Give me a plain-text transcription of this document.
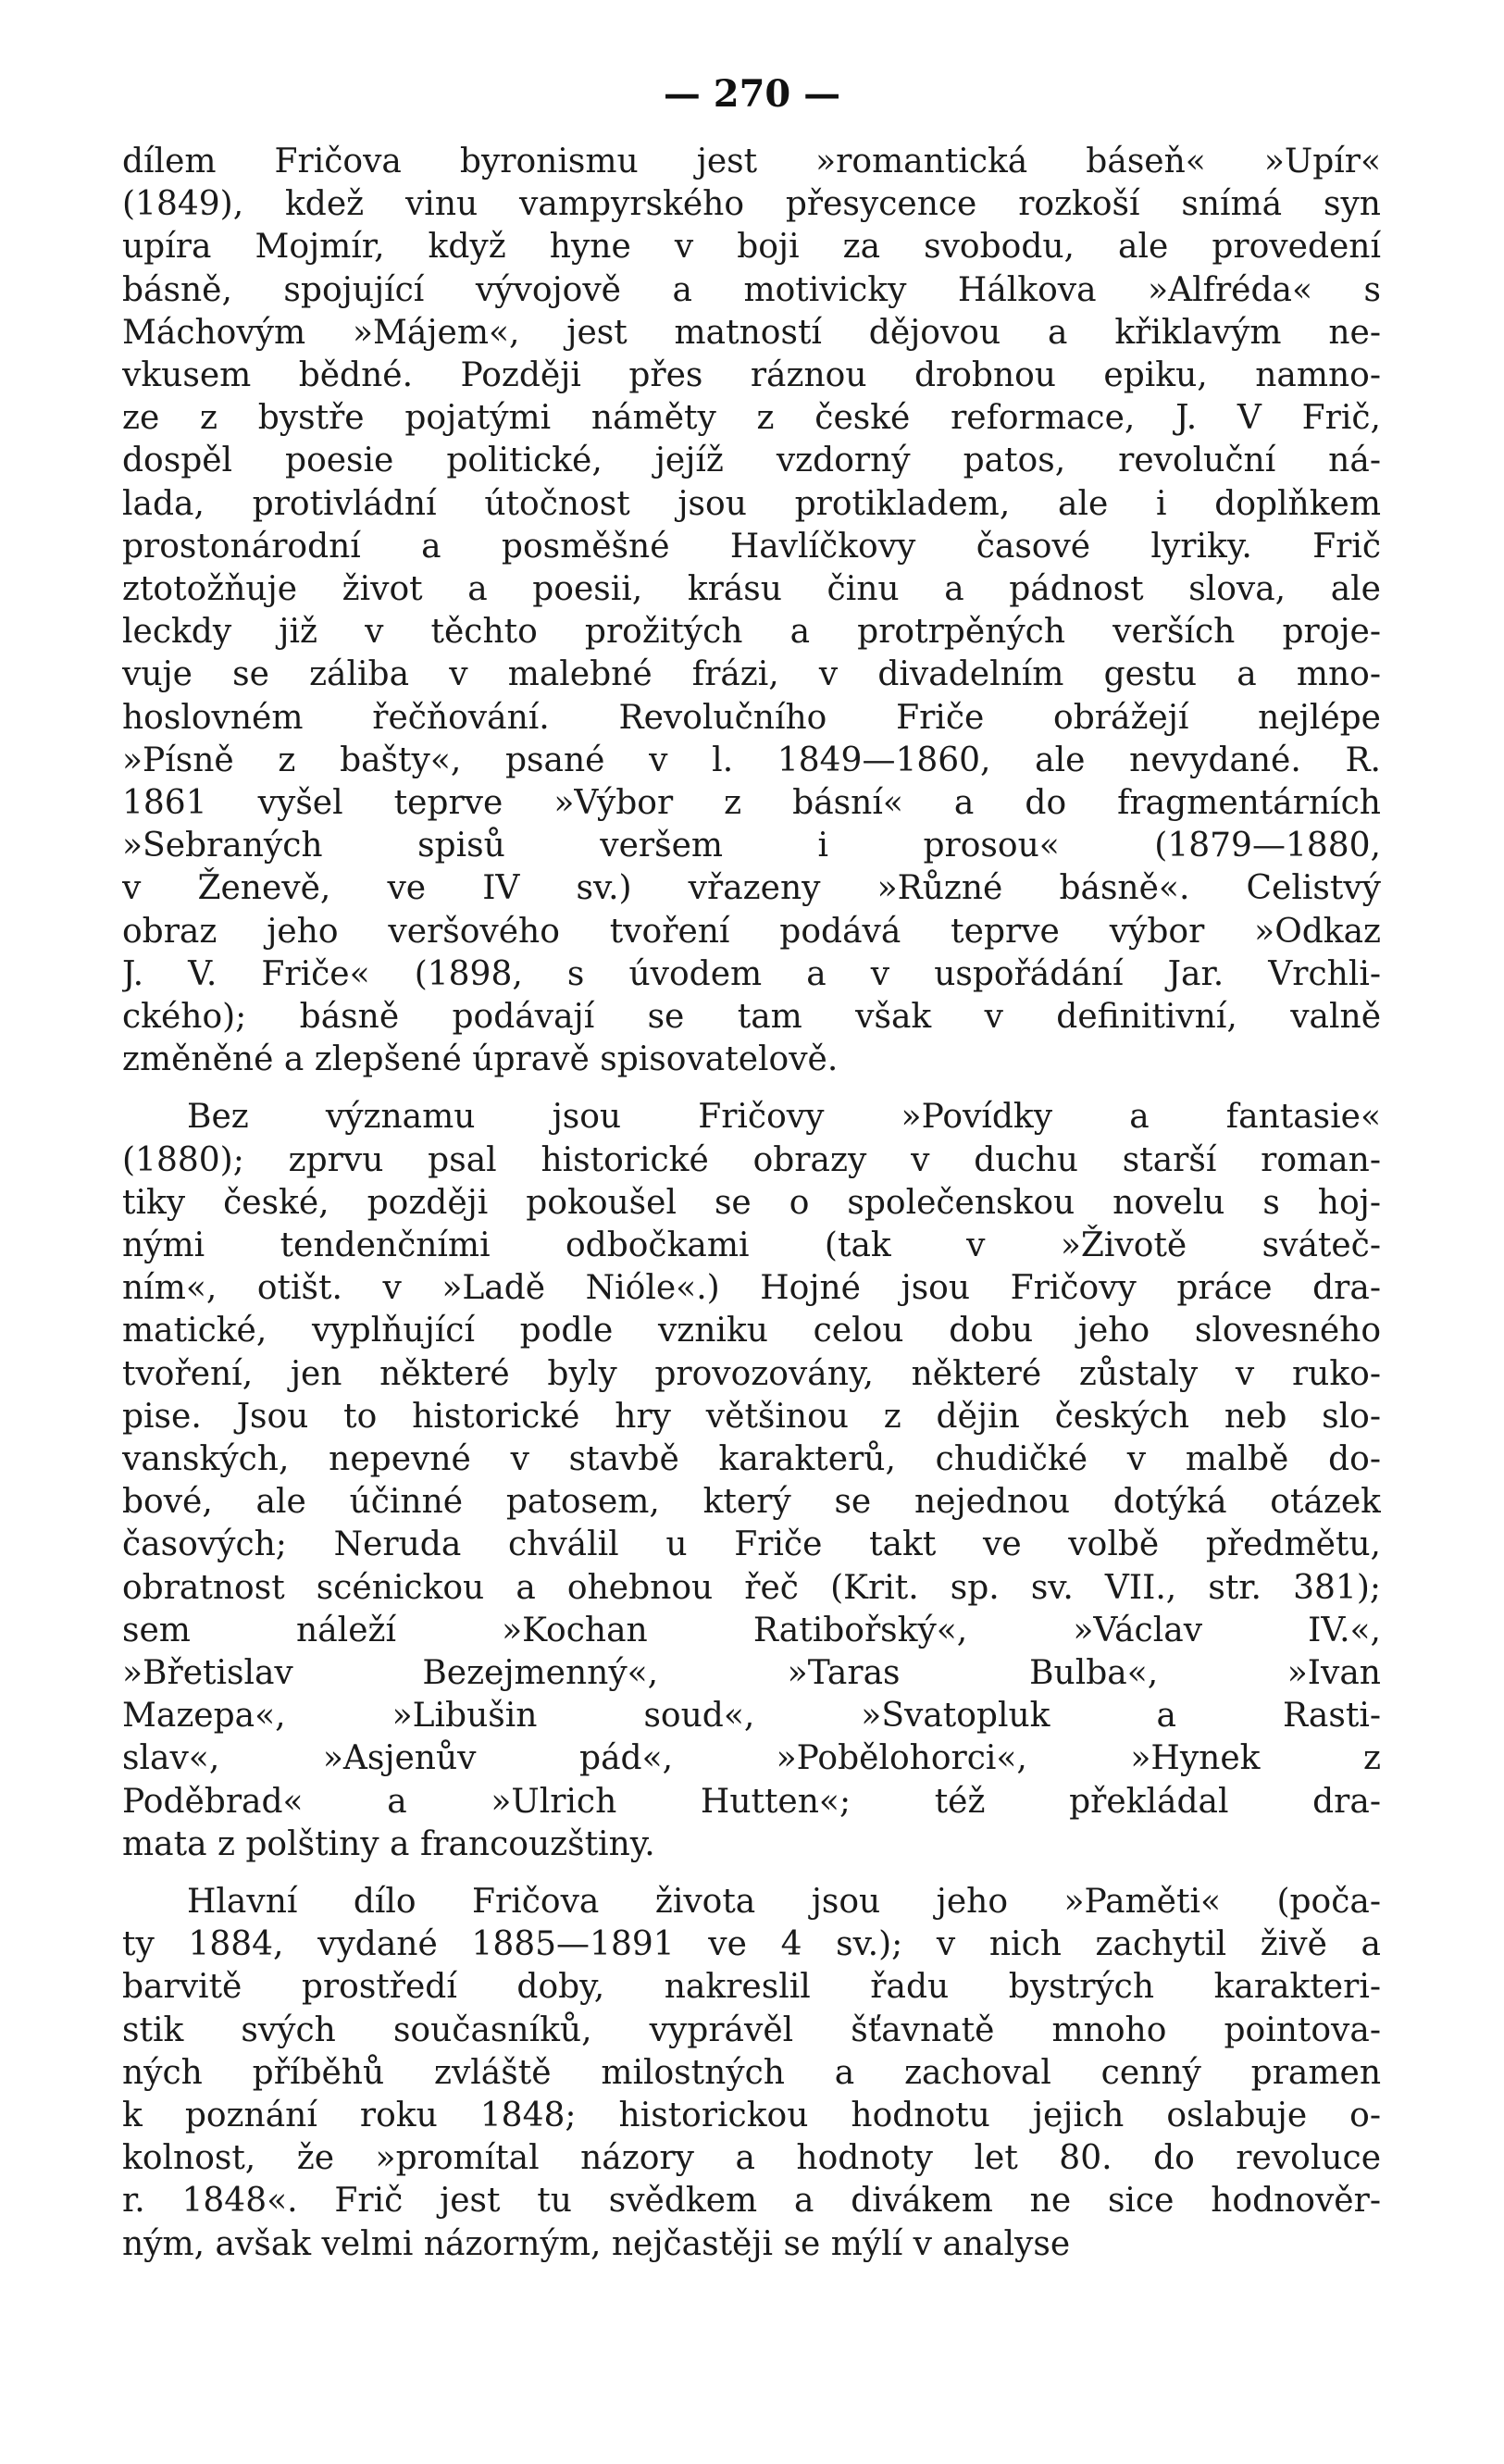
— 270 —
dílem Fričova byronismu jest »romantická báseň« »Upír«
(1849), kdež vinu vampyrského přesycence rozkoší snímá syn
upíra Mojmír, když hyne v boji za svobodu, ale provedení
básně, spojující vývojově a motivicky Hálkova »Alfréda« s
Máchovým »Májem«, jest matností dějovou a křiklavým ne-
vkusem bědné. Později přes ráznou drobnou epiku, namno-
ze z bystře pojatými náměty z české reformace, J. V Frič,
dospěl poesie politické, jejíž vzdorný patos, revoluční ná-
lada, protivládní útočnost jsou protikladem, ale i doplňkem
prostonárodní a posměšné Havlíčkovy časové lyriky. Frič
ztotožňuje život a poesii, krásu činu a pádnost slova, ale
leckdy již v těchto prožitých a protrpěných verších proje-
vuje se záliba v malebné frázi, v divadelním gestu a mno-
hoslovném řečňování. Revolučního Friče obrážejí nejlépe
»Písně z bašty«, psané v l. 1849—1860, ale nevydané. R.
1861 vyšel teprve »Výbor z básní« a do fragmentárních
»Sebraných spisů veršem i prosou« (1879—1880,
v Ženevě, ve IV sv.) vřazeny »Různé básně«. Celistvý
obraz jeho veršového tvoření podává teprve výbor »Odkaz
J. V. Friče« (1898, s úvodem a v uspořádání Jar. Vrchli-
ckého); básně podávají se tam však v definitivní, valně
změněné a zlepšené úpravě spisovatelově.
Bez významu jsou Fričovy »Povídky a fantasie«
(1880); zprvu psal historické obrazy v duchu starší roman-
tiky české, později pokoušel se o společenskou novelu s hoj-
nými tendenčními odbočkami (tak v »Životě sváteč-
ním«, otišt. v »Ladě Nióle«.) Hojné jsou Fričovy práce dra-
matické, vyplňující podle vzniku celou dobu jeho slovesného
tvoření, jen některé byly provozovány, některé zůstaly v ruko-
pise. Jsou to historické hry většinou z dějin českých neb slo-
vanských, nepevné v stavbě karakterů, chudičké v malbě do-
bové, ale účinné patosem, který se nejednou dotýká otázek
časových; Neruda chválil u Friče takt ve volbě předmětu,
obratnost scénickou a ohebnou řeč (Krit. sp. sv. VII., str. 381);
sem náleží »Kochan Ratibořský«, »Václav IV.«,
»Břetislav Bezejmenný«, »Taras Bulba«, »Ivan
Mazepa«, »Libušin soud«, »Svatopluk a Rasti-
slav«, »Asjenův pád«, »Pobělohorci«, »Hynek z
Poděbrad« a »Ulrich Hutten«; též překládal dra-
mata z polštiny a francouzštiny.
Hlavní dílo Fričova života jsou jeho »Paměti« (poča-
ty 1884, vydané 1885—1891 ve 4 sv.); v nich zachytil živě a
barvitě prostředí doby, nakreslil řadu bystrých karakteri-
stik svých současníků, vyprávěl šťavnatě mnoho pointova-
ných příběhů zvláště milostných a zachoval cenný pramen
k poznání roku 1848; historickou hodnotu jejich oslabuje o-
kolnost, že »promítal názory a hodnoty let 80. do revoluce
r. 1848«. Frič jest tu svědkem a divákem ne sice hodnověr-
ným, avšak velmi názorným, nejčastěji se mýlí v analyse
